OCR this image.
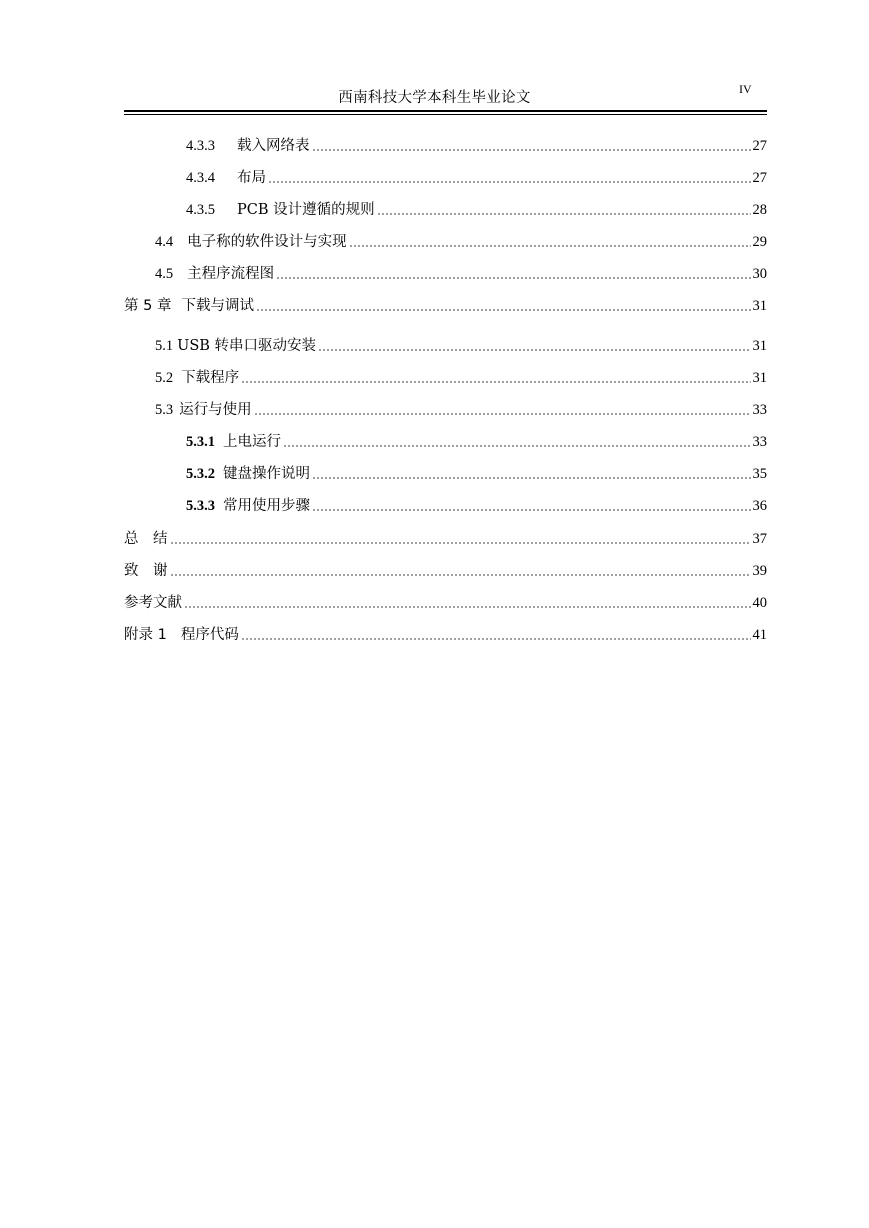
西南科技大学本科生毕业论文
IV
4.3.3 载入网络表	27
4.3.4 布局	27
4.3.5 PCB 设计遵循的规则	28
4.4 电子称的软件设计与实现	29
4.5 主程序流程图	30
第 5 章 下载与调试	31
5.1 USB 转串口驱动安装	31
5.2 下载程序	31
5.3 运行与使用	33
5.3.1 上电运行	33
5.3.2 键盘操作说明	35
5.3.3 常用使用步骤	36
总　结	37
致　谢	39
参考文献	40
附录 1 程序代码	41
